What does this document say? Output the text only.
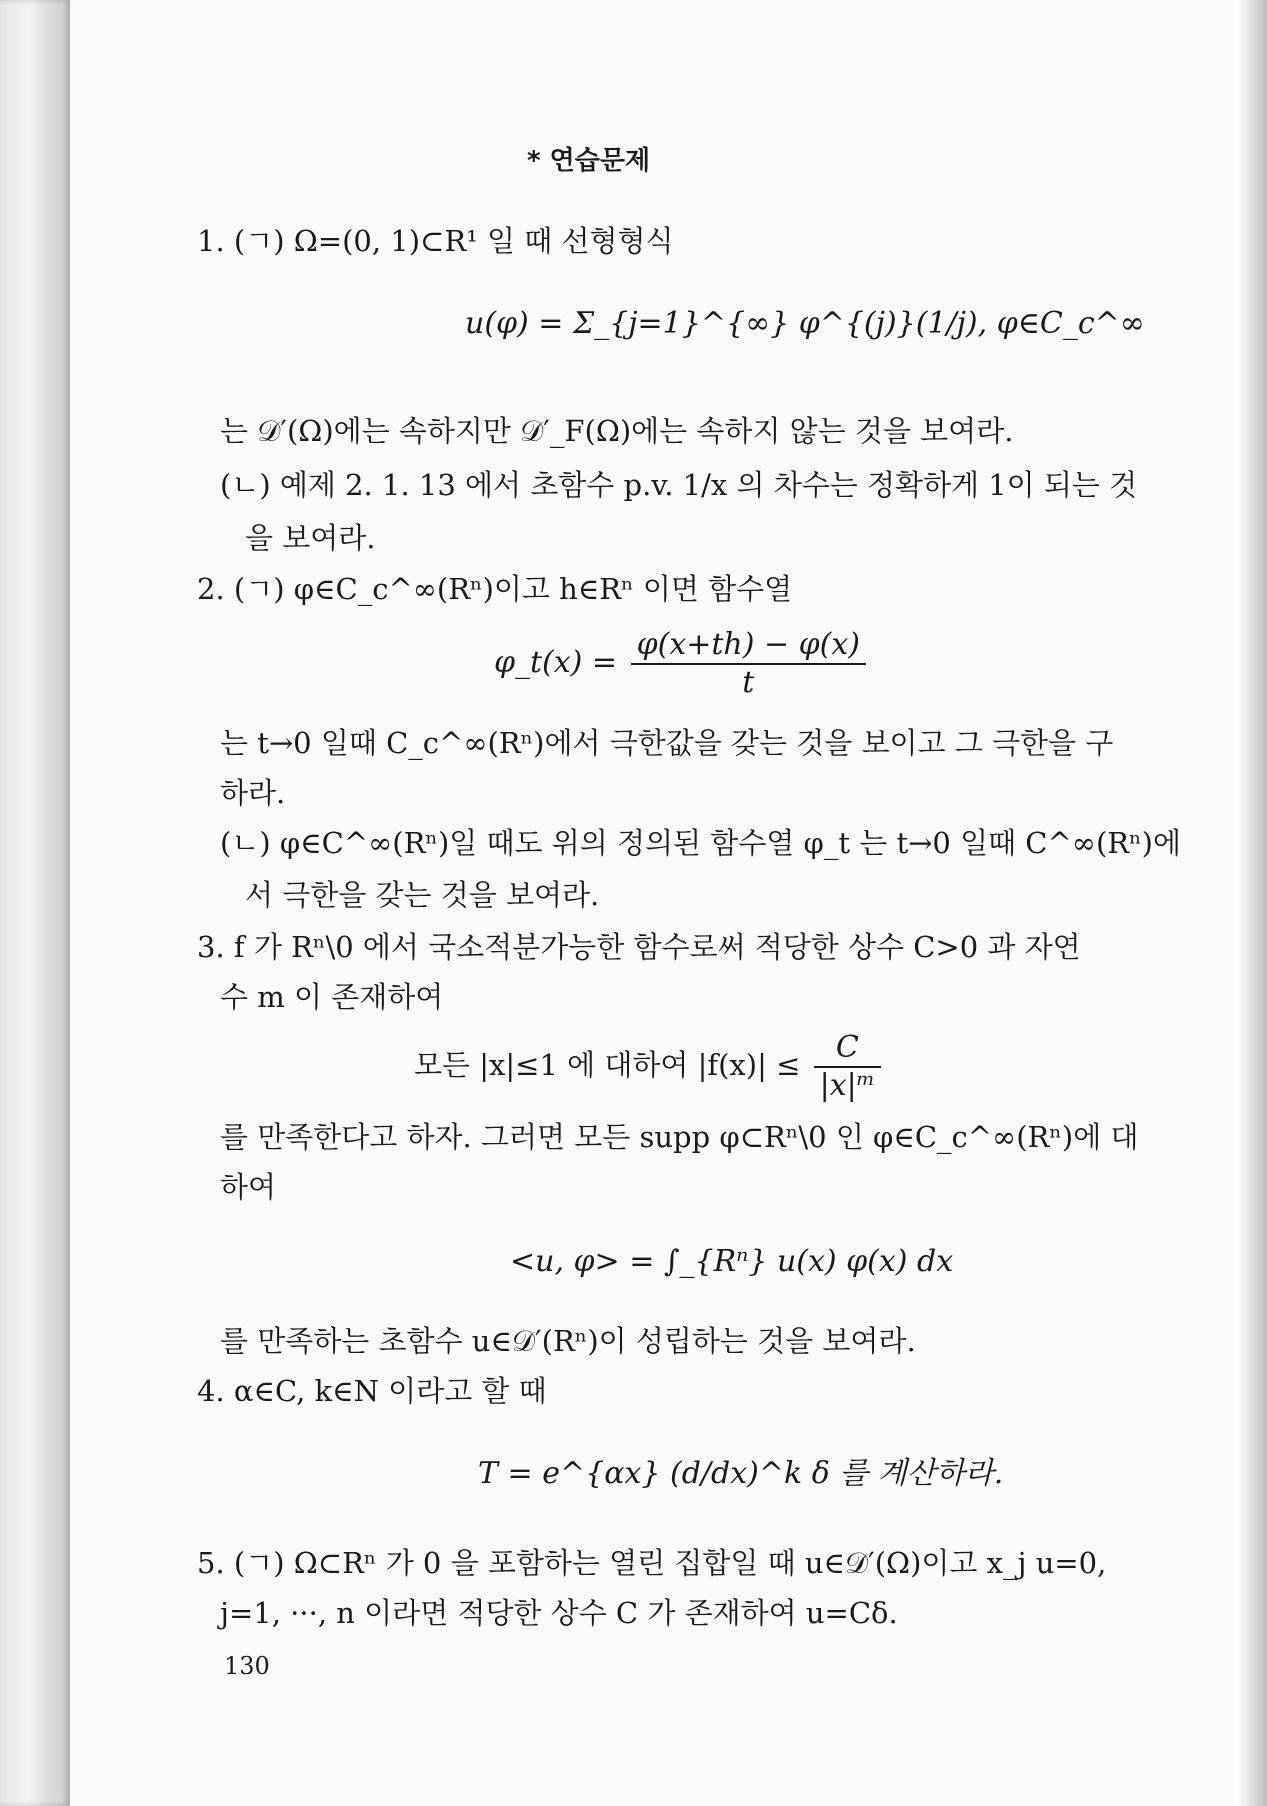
* 연습문제
1. (ㄱ) Ω=(0, 1)⊂R¹ 일 때 선형형식
u(φ) = Σ_{j=1}^{∞} φ^{(j)}(1/j), φ∈C_c^∞
는 𝒟′(Ω)에는 속하지만 𝒟′_F(Ω)에는 속하지 않는 것을 보여라.
(ㄴ) 예제 2. 1. 13 에서 초함수 p.v. 1/x 의 차수는 정확하게 1이 되는 것
을 보여라.
2. (ㄱ) φ∈C_c^∞(Rⁿ)이고 h∈Rⁿ 이면 함수열
φ_t(x) = $\frac{\varphi(x+th) - \varphi(x)}{t}$
는 t→0 일때 C_c^∞(Rⁿ)에서 극한값을 갖는 것을 보이고 그 극한을 구
하라.
(ㄴ) φ∈C^∞(Rⁿ)일 때도 위의 정의된 함수열 φ_t 는 t→0 일때 C^∞(Rⁿ)에
서 극한을 갖는 것을 보여라.
3. f 가 Rⁿ\0 에서 국소적분가능한 함수로써 적당한 상수 C>0 과 자연
수 m 이 존재하여
모든 |x|≤1 에 대하여 $|f(x)| \le \frac{C}{\text{|x|ᵐ}}$
를 만족한다고 하자. 그러면 모든 supp φ⊂Rⁿ\0 인 φ∈C_c^∞(Rⁿ)에 대
하여
<u, φ> = ∫_{Rⁿ} u(x) φ(x) dx
를 만족하는 초함수 u∈𝒟′(Rⁿ)이 성립하는 것을 보여라.
4. α∈C, k∈N 이라고 할 때
T = e^{αx} (d/dx)^k δ 를 계산하라.
5. (ㄱ) Ω⊂Rⁿ 가 0 을 포함하는 열린 집합일 때 u∈𝒟′(Ω)이고 x_j u=0,
j=1, ···, n 이라면 적당한 상수 C 가 존재하여 u=Cδ.
130
